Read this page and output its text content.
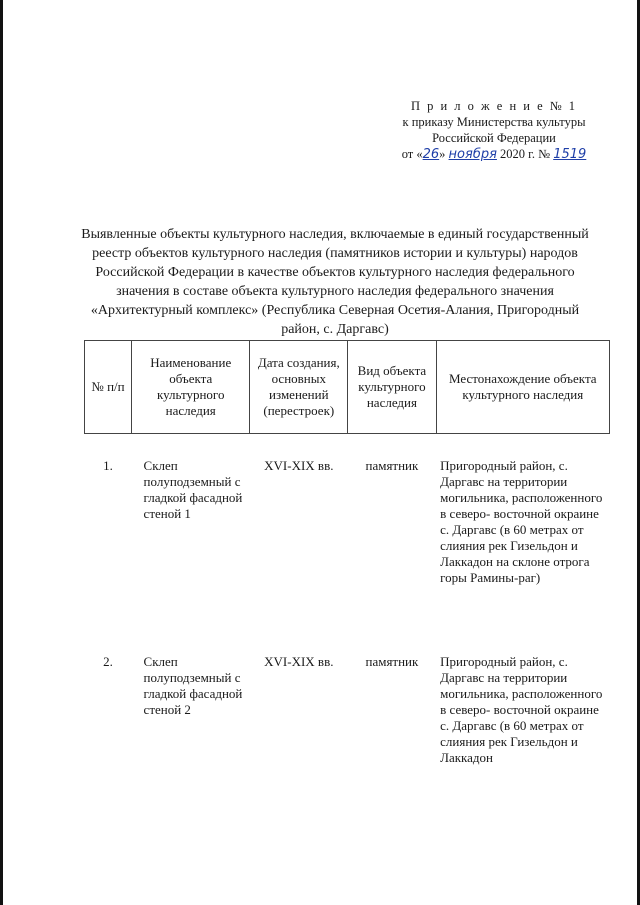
П р и л о ж е н и е № 1
к приказу Министерства культуры
Российской Федерации
от «26» ноября 2020 г. № 1519
Выявленные объекты культурного наследия, включаемые в единый государственный реестр объектов культурного наследия (памятников истории и культуры) народов Российской Федерации в качестве объектов культурного наследия федерального значения в составе объекта культурного наследия федерального значения «Архитектурный комплекс» (Республика Северная Осетия-Алания, Пригородный район, с. Даргавс)
№ п/п	Наименование объекта культурного наследия	Дата создания, основных изменений (перестроек)	Вид объекта культурного наследия	Местонахождение объекта культурного наследия

1.	Склеп полуподземный с гладкой фасадной стеной 1	XVI-XIX вв.	памятник	Пригородный район, с. Даргавс на территории могильника, расположенного в северо- восточной окраине с. Даргавс (в 60 метрах от слияния рек Гизельдон и Лаккадон на склоне отрога горы Рамины-раг)
2.	Склеп полуподземный с гладкой фасадной стеной 2	XVI-XIX вв.	памятник	Пригородный район, с. Даргавс на территории могильника, расположенного в северо- восточной окраине с. Даргавс (в 60 метрах от слияния рек Гизельдон и Лаккадон
